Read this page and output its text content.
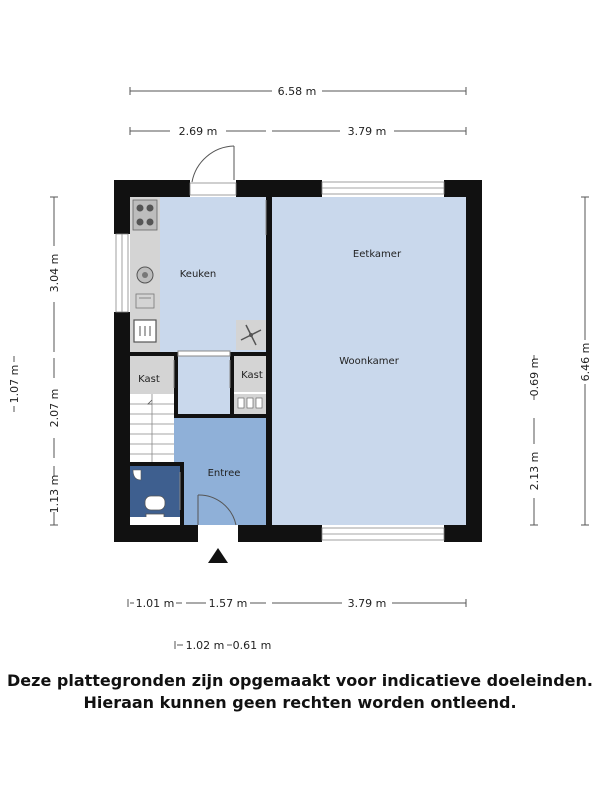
6.58 m
2.69 m	3.79 m
3.04 m
2.07 m
1.13 m
1.07 m
6.46 m
0.69 m
2.13 m
1.01 m	1.57 m	3.79 m
1.02 m 0.61 m
Keuken
Eetkamer
Woonkamer
Kast	Kast
Entree
Deze plattegronden zijn opgemaakt voor indicatieve doeleinden.
Hieraan kunnen geen rechten worden ontleend.
